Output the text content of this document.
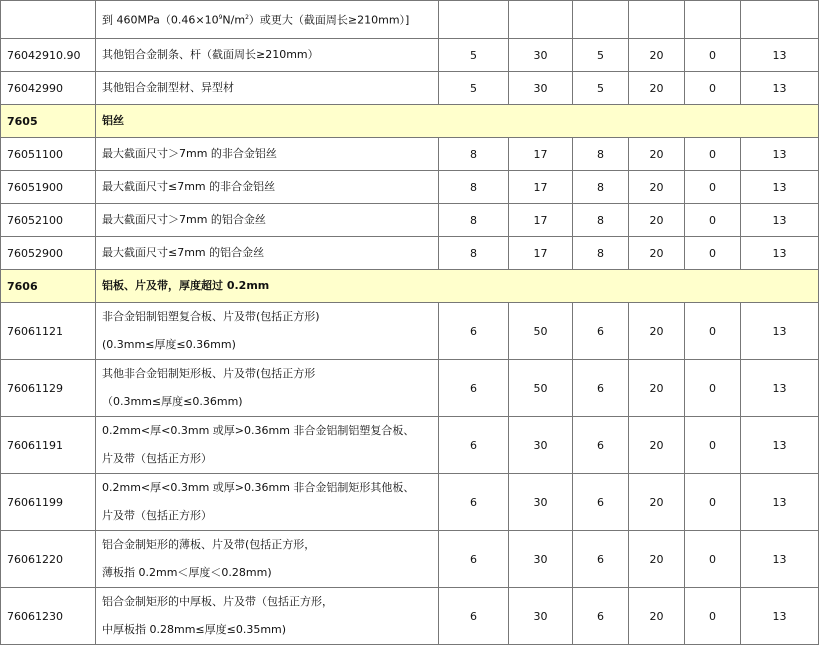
	到 $460MPa(0.46\times 10^9N/m^2)$或更大（截面周长≥210mm）]						
76042910.90	其他铝合金制条、杆（截面周长≥210mm）	5	30	5	20	0	13
76042990	其他铝合金制型材、异型材	5	30	5	20	0	13
7605	铝丝						
76051100	最大截面尺寸＞7mm 的非合金铝丝	8	17	8	20	0	13
76051900	最大截面尺寸≤7mm 的非合金铝丝	8	17	8	20	0	13
76052100	最大截面尺寸＞7mm 的铝合金丝	8	17	8	20	0	13
76052900	最大截面尺寸≤7mm 的铝合金丝	8	17	8	20	0	13
7606	铝板、片及带，厚度超过 0.2mm						
76061121	非合金铝制铝塑复合板、片及带(包括正方形)
(0.3mm≤厚度≤0.36mm)	6	50	6	20	0	13
76061129	其他非合金铝制矩形板、片及带(包括正方形
（0.3mm≤厚度≤0.36mm)	6	50	6	20	0	13
76061191	0.2mm<厚<0.3mm 或厚>0.36mm 非合金铝制铝塑复合板、
片及带（包括正方形）	6	30	6	20	0	13
76061199	0.2mm<厚<0.3mm 或厚>0.36mm 非合金铝制矩形其他板、
片及带（包括正方形）	6	30	6	20	0	13
76061220	铝合金制矩形的薄板、片及带(包括正方形，
薄板指 0.2mm＜厚度＜0.28mm)	6	30	6	20	0	13
76061230	铝合金制矩形的中厚板、片及带（包括正方形，
中厚板指 0.28mm≤厚度≤0.35mm)	6	30	6	20	0	13
